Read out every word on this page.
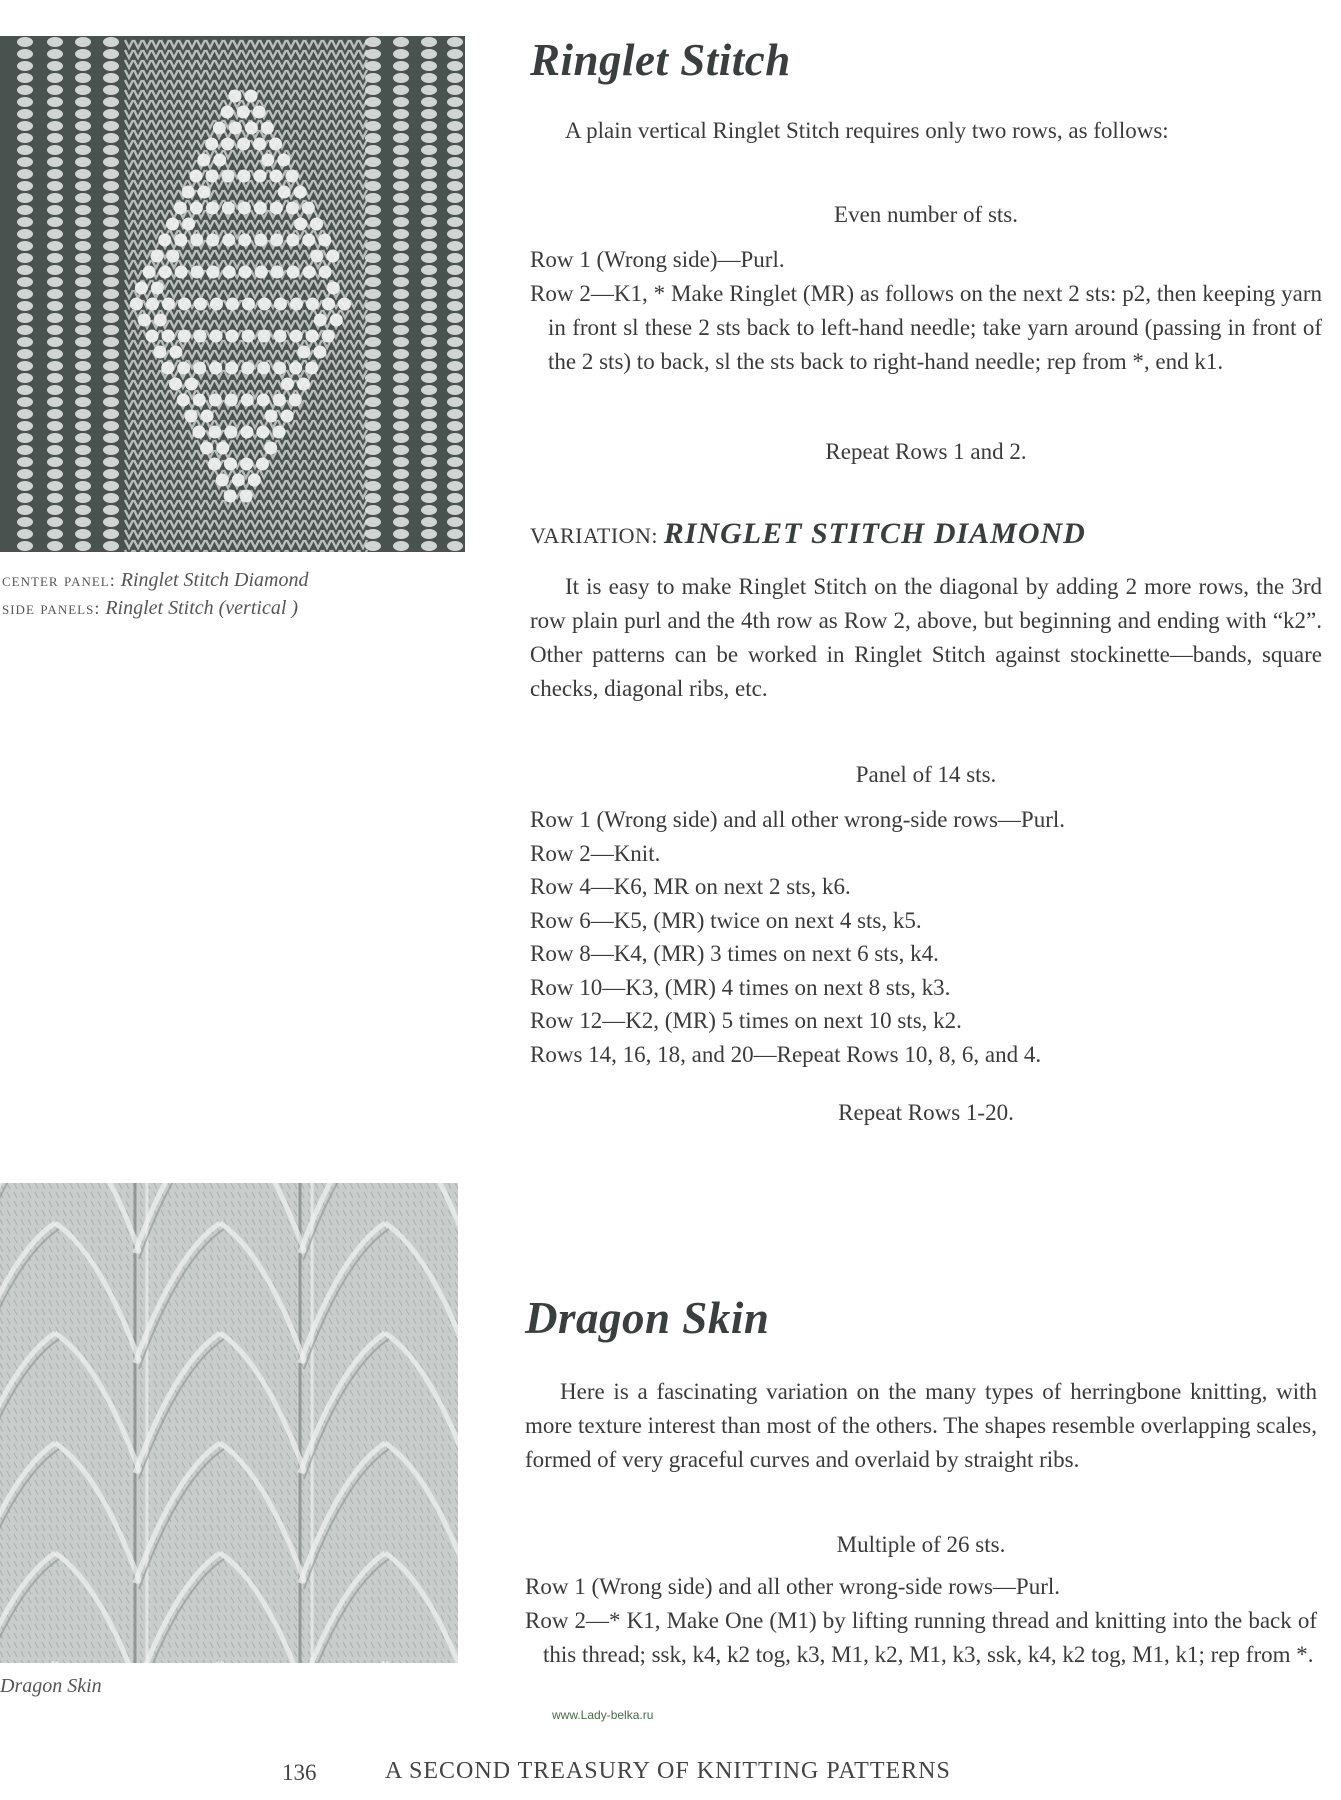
center panel: Ringlet Stitch Diamond
side panels: Ringlet Stitch (vertical )
Ringlet Stitch

A plain vertical Ringlet Stitch requires only two rows, as follows:

Even number of sts.

Row 1 (Wrong side)—Purl.

Row 2—K1, * Make Ringlet (MR) as follows on the next 2 sts: p2, then keeping yarn in front sl these 2 sts back to left-hand needle; take yarn around (passing in front of the 2 sts) to back, sl the sts back to right-hand needle; rep from *, end k1.

Repeat Rows 1 and 2.

VARIATION: RINGLET STITCH DIAMOND

It is easy to make Ringlet Stitch on the diagonal by adding 2 more rows, the 3rd row plain purl and the 4th row as Row 2, above, but beginning and ending with “k2”. Other patterns can be worked in Ringlet Stitch against stockinette—bands, square checks, diagonal ribs, etc.

Panel of 14 sts.

Row 1 (Wrong side) and all other wrong-side rows—Purl.

Row 2—Knit.

Row 4—K6, MR on next 2 sts, k6.

Row 6—K5, (MR) twice on next 4 sts, k5.

Row 8—K4, (MR) 3 times on next 6 sts, k4.

Row 10—K3, (MR) 4 times on next 8 sts, k3.

Row 12—K2, (MR) 5 times on next 10 sts, k2.

Rows 14, 16, 18, and 20—Repeat Rows 10, 8, 6, and 4.

Repeat Rows 1-20.

Dragon Skin
Dragon Skin

Here is a fascinating variation on the many types of herringbone knitting, with more texture interest than most of the others. The shapes resemble overlapping scales, formed of very graceful curves and overlaid by straight ribs.

Multiple of 26 sts.

Row 1 (Wrong side) and all other wrong-side rows—Purl.

Row 2—* K1, Make One (M1) by lifting running thread and knitting into the back of this thread; ssk, k4, k2 tog, k3, M1, k2, M1, k3, ssk, k4, k2 tog, M1, k1; rep from *.

www.Lady-belka.ru
136	A SECOND TREASURY OF KNITTING PATTERNS
